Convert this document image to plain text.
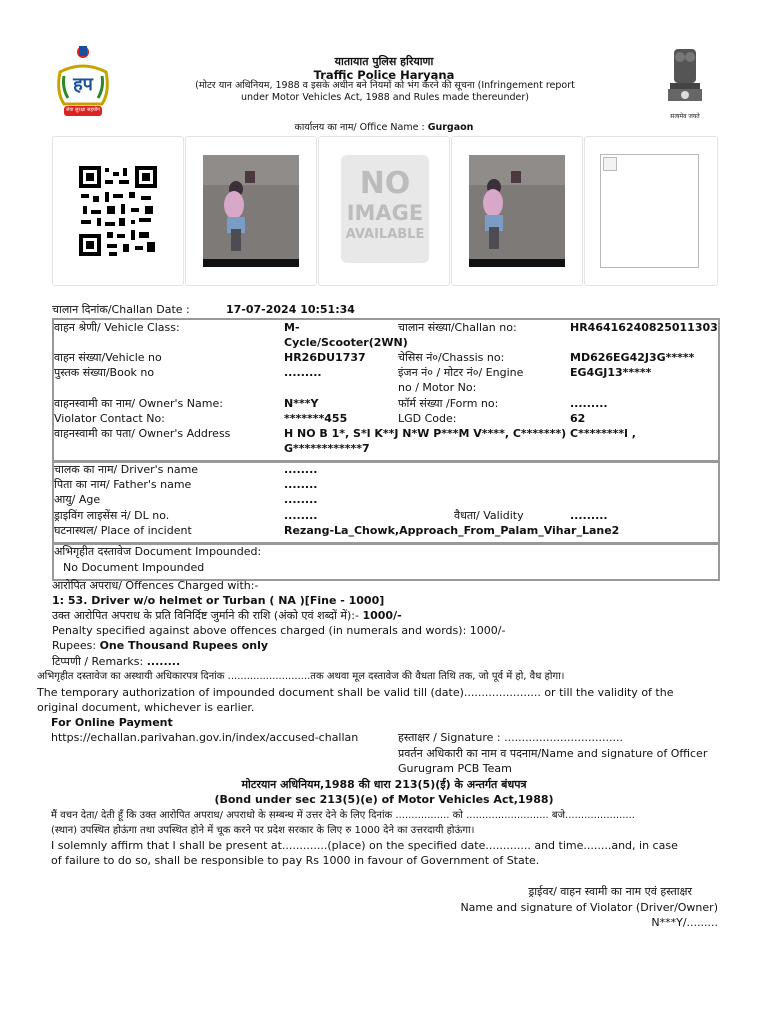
हप
सेवा सुरक्षा सहयोग
सत्यमेव जयते
यातायात पुलिस हरियाणा
Traffic Police Haryana
(मोटर यान अधिनियम, 1988 व इसके अधीन बने नियमों को भंग करने की सूचना (Infringement report
under Motor Vehicles Act, 1988 and Rules made thereunder)
कार्यालय का नाम/ Office Name : Gurgaon
NO
IMAGE
AVAILABLE
चालान दिनांक/Challan Date :	17-07-2024 10:51:34
वाहन श्रेणी/ Vehicle Class:	M-
Cycle/Scooter(2WN)
चालान संख्या/Challan no:	HR46416240825011303
वाहन संख्या/Vehicle no	HR26DU1737	चेसिस नं०/Chassis no:	MD626EG42J3G*****
पुस्तक संख्या/Book no	.........	इंजन नं० / मोटर नं०/ Engine
no / Motor No:
EG4GJ13*****
वाहनस्वामी का नाम/ Owner's Name:	N***Y	फॉर्म संख्या /Form no:	.........
Violator Contact No:	*******455	LGD Code:	62
वाहनस्वामी का पता/ Owner's Address	H NO B 1*, S*l K**J N*W P***M V****, C*******) C********l ,
G************7
चालक का नाम/ Driver's name	........
पिता का नाम/ Father's name	........
आयु/ Age	........
ड्राइविंग लाइसेंस नं/ DL no.	........	वैधता/ Validity	.........
घटनास्थल/ Place of incident	Rezang-La_Chowk,Approach_From_Palam_Vihar_Lane2
अभिगृहीत दस्तावेज Document Impounded:
No Document Impounded
आरोपित अपराध/ Offences Charged with:-
1: 53. Driver w/o helmet or Turban ( NA )[Fine - 1000]
उक्त आरोपित अपराध के प्रति विनिर्दिष्ट जुर्माने की राशि (अंको एवं शब्दों में):- 1000/-
Penalty specified against above offences charged (in numerals and words): 1000/-
Rupees: One Thousand Rupees only
टिप्पणी / Remarks: ........
अभिगृहीत दस्तावेज का अस्थायी अधिकारपत्र दिनांक ..........................तक अथवा मूल दस्तावेज की वैधता तिथि तक, जो पूर्व में हो, वैध होगा।
The temporary authorization of impounded document shall be valid till (date)...................... or till the validity of the
original document, whichever is earlier.
For Online Payment
https://echallan.parivahan.gov.in/index/accused-challan	हस्ताक्षर / Signature : ..................................
प्रवर्तन अधिकारी का नाम व पदनाम/Name and signature of Officer
Gurugram PCB Team
मोटरयान अधिनियम,1988 की धारा 213(5)(ई) के अन्तर्गत बंधपत्र
(Bond under sec 213(5)(e) of Motor Vehicles Act,1988)
मैं वचन देता/ देती हूँ कि उक्त आरोपित अपराध/ अपराधो के सम्बन्ध में उत्तर देने के लिए दिनांक ................. को .......................... बजे......................
(स्थान) उपस्थित होऊंगा तथा उपस्थित होने में चूक करने पर प्रदेश सरकार के लिए रु 1000 देने का उत्तरदायी होऊंगा।
I solemnly affirm that I shall be present at.............(place) on the specified date............. and time........and, in case
of failure to do so, shall be responsible to pay Rs 1000 in favour of Government of State.
ड्राईवर/ वाहन स्वामी का नाम एवं हस्ताक्षर
Name and signature of Violator (Driver/Owner)
N***Y/.........
